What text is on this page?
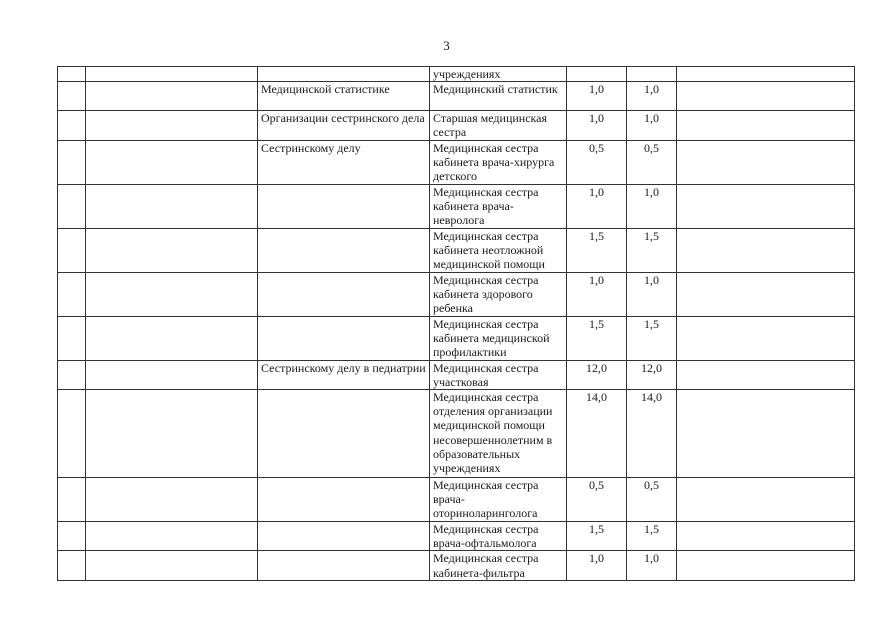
3
			учреждениях			
		Медицинской статистике	Медицинский статистик	1,0	1,0	
		Организации сестринского дела	Старшая медицинская сестра	1,0	1,0	
		Сестринскому делу	Медицинская сестра кабинета врача-хирурга детского	0,5	0,5	
			Медицинская сестра кабинета врача-невролога	1,0	1,0	
			Медицинская сестра кабинета неотложной медицинской помощи	1,5	1,5	
			Медицинская сестра кабинета здорового ребенка	1,0	1,0	
			Медицинская сестра кабинета медицинской профилактики	1,5	1,5	
		Сестринскому делу в педиатрии	Медицинская сестра участковая	12,0	12,0	
			Медицинская сестра отделения организации медицинской помощи несовершеннолетним в образовательных учреждениях	14,0	14,0	
			Медицинская сестра врача-оториноларинголога	0,5	0,5	
			Медицинская сестра врача-офтальмолога	1,5	1,5	
			Медицинская сестра кабинета-фильтра	1,0	1,0	
